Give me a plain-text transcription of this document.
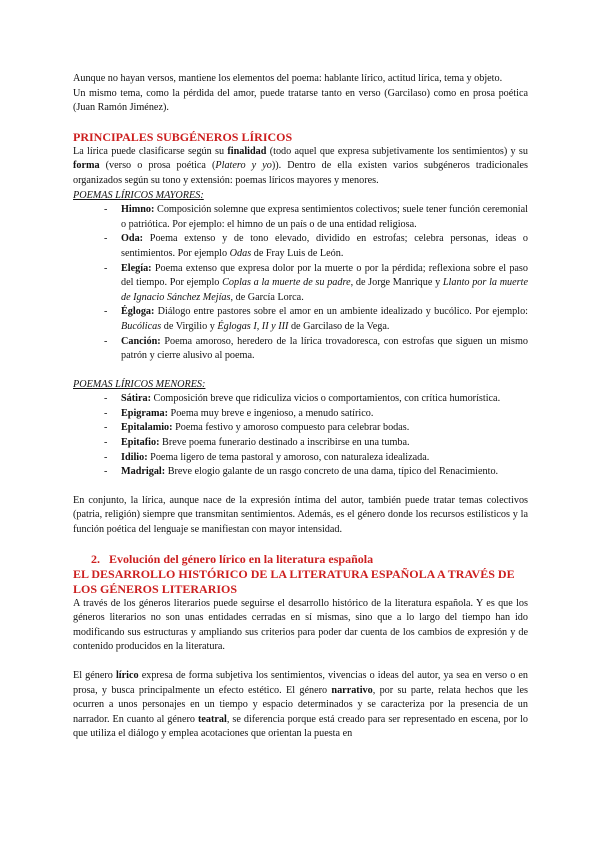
Aunque no hayan versos, mantiene los elementos del poema: hablante lírico, actitud lírica, tema y objeto.

Un mismo tema, como la pérdida del amor, puede tratarse tanto en verso (Garcilaso) como en prosa poética (Juan Ramón Jiménez).

PRINCIPALES SUBGÉNEROS LÍRICOS

La lírica puede clasificarse según su finalidad (todo aquel que expresa subjetivamente los sentimientos) y su forma (verso o prosa poética (Platero y yo)). Dentro de ella existen varios subgéneros tradicionales organizados según su tono y extensión: poemas líricos mayores y menores.

POEMAS LÍRICOS MAYORES:

- Himno: Composición solemne que expresa sentimientos colectivos; suele tener función ceremonial o patriótica. Por ejemplo: el himno de un país o de una entidad religiosa.
- Oda: Poema extenso y de tono elevado, dividido en estrofas; celebra personas, ideas o sentimientos. Por ejemplo Odas de Fray Luis de León.
- Elegía: Poema extenso que expresa dolor por la muerte o por la pérdida; reflexiona sobre el paso del tiempo. Por ejemplo Coplas a la muerte de su padre, de Jorge Manrique y Llanto por la muerte de Ignacio Sánchez Mejías, de García Lorca.
- Égloga: Diálogo entre pastores sobre el amor en un ambiente idealizado y bucólico. Por ejemplo: Bucólicas de Virgilio y Églogas I, II y III de Garcilaso de la Vega.
- Canción: Poema amoroso, heredero de la lírica trovadoresca, con estrofas que siguen un mismo patrón y cierre alusivo al poema.

POEMAS LÍRICOS MENORES:

- Sátira: Composición breve que ridiculiza vicios o comportamientos, con crítica humorística.
- Epigrama: Poema muy breve e ingenioso, a menudo satírico.
- Epitalamio: Poema festivo y amoroso compuesto para celebrar bodas.
- Epitafio: Breve poema funerario destinado a inscribirse en una tumba.
- Idilio: Poema ligero de tema pastoral y amoroso, con naturaleza idealizada.
- Madrigal: Breve elogio galante de un rasgo concreto de una dama, típico del Renacimiento.

En conjunto, la lírica, aunque nace de la expresión íntima del autor, también puede tratar temas colectivos (patria, religión) siempre que transmitan sentimientos. Además, es el género donde los recursos estilísticos y la función poética del lenguaje se manifiestan con mayor intensidad.

2. Evolución del género lírico en la literatura española
EL DESARROLLO HISTÓRICO DE LA LITERATURA ESPAÑOLA A TRAVÉS DE LOS GÉNEROS LITERARIOS

A través de los géneros literarios puede seguirse el desarrollo histórico de la literatura española. Y es que los géneros literarios no son unas entidades cerradas en sí mismas, sino que a lo largo del tiempo han ido modificando sus estructuras y ampliando sus criterios para poder dar cuenta de los cambios de expresión y de contenido producidos en la literatura.

El género lírico expresa de forma subjetiva los sentimientos, vivencias o ideas del autor, ya sea en verso o en prosa, y busca principalmente un efecto estético. El género narrativo, por su parte, relata hechos que les ocurren a unos personajes en un tiempo y espacio determinados y se caracteriza por la presencia de un narrador. En cuanto al género teatral, se diferencia porque está creado para ser representado en escena, por lo que utiliza el diálogo y emplea acotaciones que orientan la puesta en
